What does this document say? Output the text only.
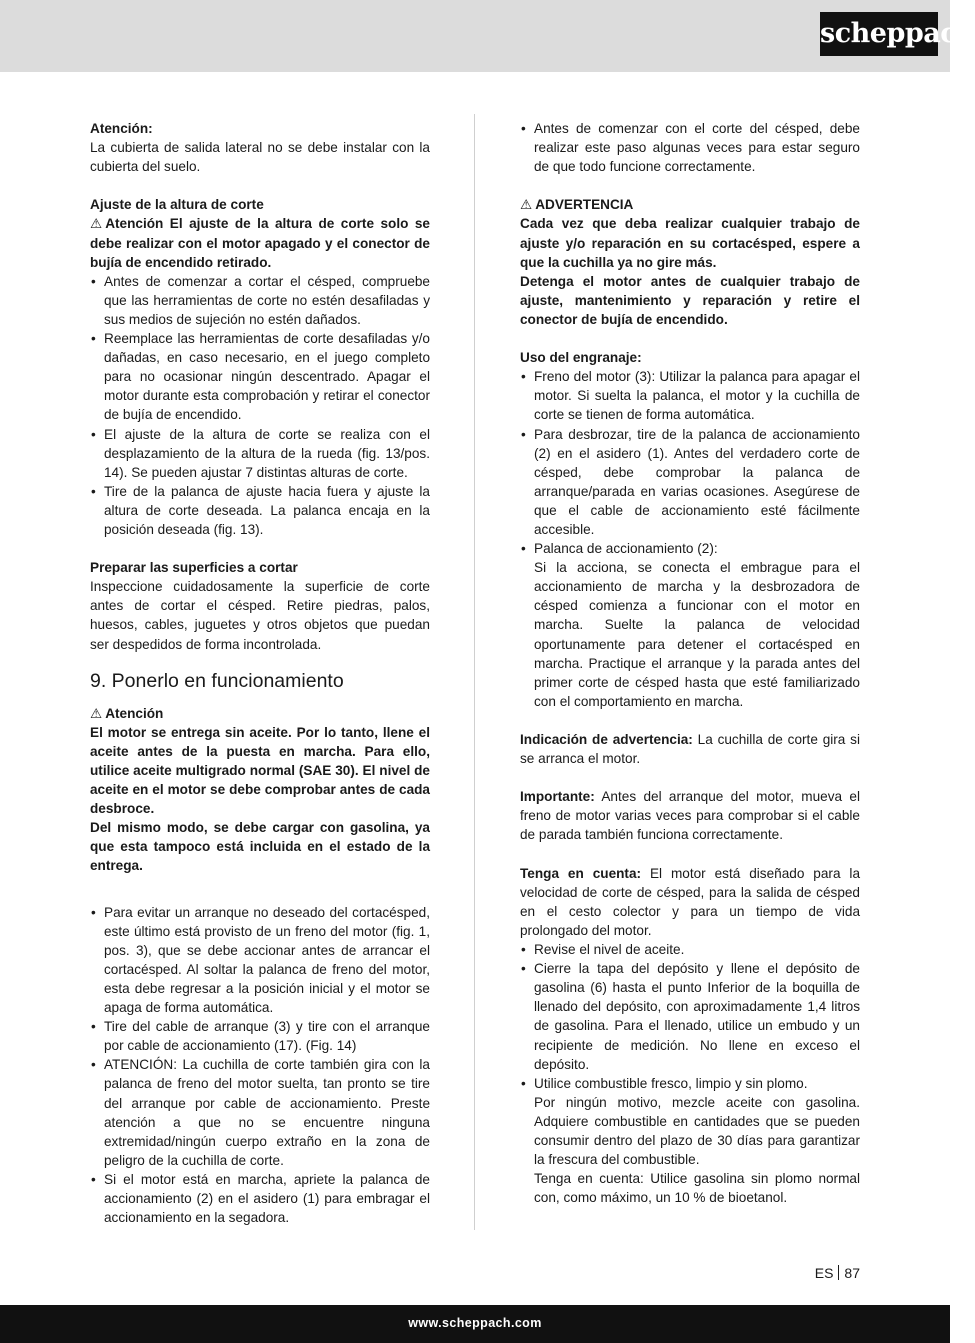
scheppach

Atención:

La cubierta de salida lateral no se debe instalar con la cubierta del suelo.

Ajuste de la altura de corte

⚠ Atención El ajuste de la altura de corte solo se debe realizar con el motor apagado y el conector de bujía de encendido retirado.

• Antes de comenzar a cortar el césped, compruebe que las herramientas de corte no estén desafiladas y sus medios de sujeción no estén dañados.
• Reemplace las herramientas de corte desafiladas y/o dañadas, en caso necesario, en el juego completo para no ocasionar ningún descentrado. Apagar el motor durante esta comprobación y retirar el conector de bujía de encendido.
• El ajuste de la altura de corte se realiza con el desplazamiento de la altura de la rueda (fig. 13/pos. 14). Se pueden ajustar 7 distintas alturas de corte.
• Tire de la palanca de ajuste hacia fuera y ajuste la altura de corte deseada. La palanca encaja en la posición deseada (fig. 13).

Preparar las superficies a cortar

Inspeccione cuidadosamente la superficie de corte antes de cortar el césped. Retire piedras, palos, huesos, cables, juguetes y otros objetos que puedan ser despedidos de forma incontrolada.

9. Ponerlo en funcionamiento

⚠ Atención

El motor se entrega sin aceite. Por lo tanto, llene el aceite antes de la puesta en marcha. Para ello, utilice aceite multigrado normal (SAE 30). El nivel de aceite en el motor se debe comprobar antes de cada desbroce.

Del mismo modo, se debe cargar con gasolina, ya que esta tampoco está incluida en el estado de la entrega.

• Para evitar un arranque no deseado del cortacésped, este último está provisto de un freno del motor (fig. 1, pos. 3), que se debe accionar antes de arrancar el cortacésped. Al soltar la palanca de freno del motor, esta debe regresar a la posición inicial y el motor se apaga de forma automática.
• Tire del cable de arranque (3) y tire con el arranque por cable de accionamiento (17). (Fig. 14)
• ATENCIÓN: La cuchilla de corte también gira con la palanca de freno del motor suelta, tan pronto se tire del arranque por cable de accionamiento. Preste atención a que no se encuentre ninguna extremidad/ningún cuerpo extraño en la zona de peligro de la cuchilla de corte.
• Si el motor está en marcha, apriete la palanca de accionamiento (2) en el asidero (1) para embragar el accionamiento en la segadora.
• Antes de comenzar con el corte del césped, debe realizar este paso algunas veces para estar seguro de que todo funcione correctamente.

⚠ ADVERTENCIA

Cada vez que deba realizar cualquier trabajo de ajuste y/o reparación en su cortacésped, espere a que la cuchilla ya no gire más.

Detenga el motor antes de cualquier trabajo de ajuste, mantenimiento y reparación y retire el conector de bujía de encendido.

Uso del engranaje:

• Freno del motor (3): Utilizar la palanca para apagar el motor. Si suelta la palanca, el motor y la cuchilla de corte se tienen de forma automática.
• Para desbrozar, tire de la palanca de accionamiento (2) en el asidero (1). Antes del verdadero corte de césped, debe comprobar la palanca de arranque/parada en varias ocasiones. Asegúrese de que el cable de accionamiento esté fácilmente accesible.
• Palanca de accionamiento (2):
Si la acciona, se conecta el embrague para el accionamiento de marcha y la desbrozadora de césped comienza a funcionar con el motor en marcha. Suelte la palanca de velocidad oportunamente para detener el cortacésped en marcha. Practique el arranque y la parada antes del primer corte de césped hasta que esté familiarizado con el comportamiento en marcha.

Indicación de advertencia: La cuchilla de corte gira si se arranca el motor.

Importante: Antes del arranque del motor, mueva el freno de motor varias veces para comprobar si el cable de parada también funciona correctamente.

Tenga en cuenta: El motor está diseñado para la velocidad de corte de césped, para la salida de césped en el cesto colector y para un tiempo de vida prolongado del motor.

• Revise el nivel de aceite.
• Cierre la tapa del depósito y llene el depósito de gasolina (6) hasta el punto Inferior de la boquilla de llenado del depósito, con aproximadamente 1,4 litros de gasolina. Para el llenado, utilice un embudo y un recipiente de medición. No llene en exceso el depósito.
• Utilice combustible fresco, limpio y sin plomo.
Por ningún motivo, mezcle aceite con gasolina. Adquiere combustible en cantidades que se pueden consumir dentro del plazo de 30 días para garantizar la frescura del combustible.
Tenga en cuenta: Utilice gasolina sin plomo normal con, como máximo, un 10 % de bioetanol.
ES 87
www.scheppach.com
